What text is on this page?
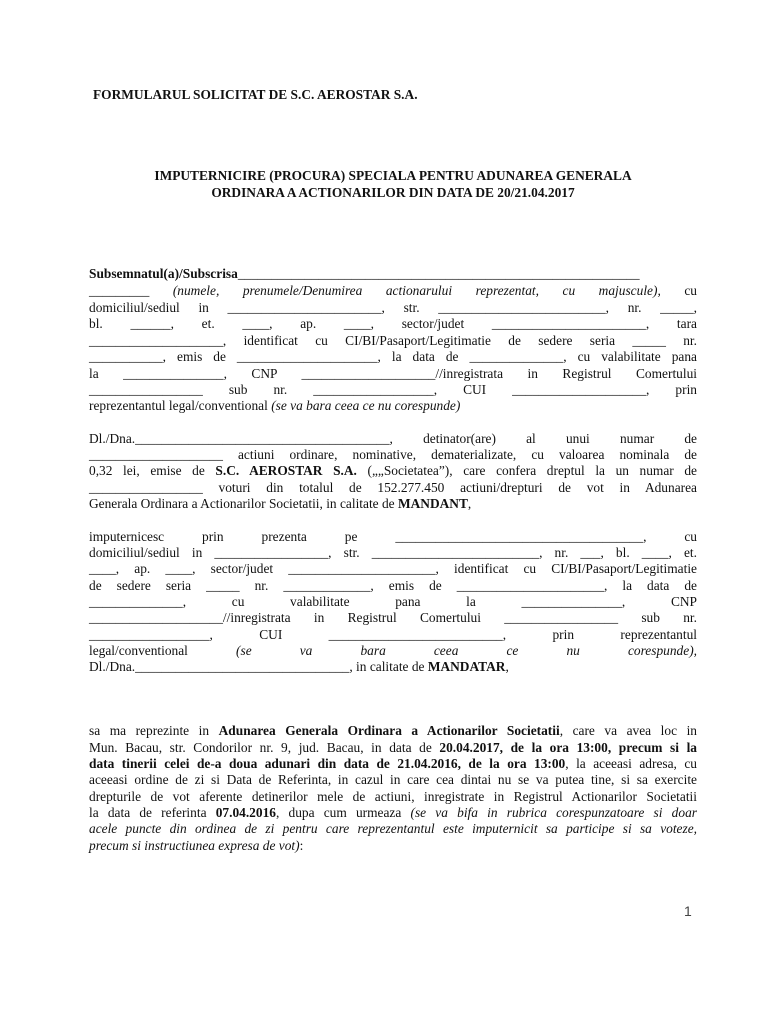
FORMULARUL SOLICITAT DE S.C. AEROSTAR S.A.
IMPUTERNICIRE (PROCURA) SPECIALA PENTRU ADUNAREA GENERALA
ORDINARA A ACTIONARILOR DIN DATA DE 20/21.04.2017
Subsemnatul(a)/Subscrisa____________________________________________________________
_________ (numele, prenumele/Denumirea actionarului reprezentat, cu majuscule), cu
domiciliul/sediul in _______________________, str. _________________________, nr. _____,
bl. ______, et. ____, ap. ____, sector/judet _______________________, tara
____________________, identificat cu CI/BI/Pasaport/Legitimatie de sedere seria _____ nr.
___________, emis de _____________________, la data de ______________, cu valabilitate pana
la _______________, CNP ____________________//inregistrata in Registrul Comertului
_________________ sub nr. __________________, CUI ____________________, prin
reprezentantul legal/conventional (se va bara ceea ce nu corespunde)
Dl./Dna.______________________________________, detinator(are) al unui numar de
____________________ actiuni ordinare, nominative, dematerializate, cu valoarea nominala de
0,32 lei, emise de S.C. AEROSTAR S.A. („„Societatea”), care confera dreptul la un numar de
_________________ voturi din totalul de 152.277.450 actiuni/drepturi de vot in Adunarea
Generala Ordinara a Actionarilor Societatii, in calitate de MANDANT,
imputernicesc prin prezenta pe _____________________________________, cu
domiciliul/sediul in _________________, str. _________________________, nr. ___, bl. ____, et.
____, ap. ____, sector/judet ______________________, identificat cu CI/BI/Pasaport/Legitimatie
de sedere seria _____ nr. _____________, emis de ______________________, la data de
______________, cu valabilitate pana la _______________, CNP
____________________//inregistrata in Registrul Comertului _________________ sub nr.
__________________, CUI __________________________, prin reprezentantul
legal/conventional	(se va bara ceea ce nu corespunde),
Dl./Dna.________________________________, in calitate de MANDATAR,
sa ma reprezinte in Adunarea Generala Ordinara a Actionarilor Societatii, care va avea loc in
Mun. Bacau, str. Condorilor nr. 9, jud. Bacau, in data de 20.04.2017, de la ora 13:00, precum si la
data tinerii celei de-a doua adunari din data de 21.04.2016, de la ora 13:00, la aceeasi adresa, cu
aceeasi ordine de zi si Data de Referinta, in cazul in care cea dintai nu se va putea tine, si sa exercite
drepturile de vot aferente detinerilor mele de actiuni, inregistrate in Registrul Actionarilor Societatii
la data de referinta 07.04.2016, dupa cum urmeaza (se va bifa in rubrica corespunzatoare si doar
acele puncte din ordinea de zi pentru care reprezentantul este imputernicit sa participe si sa voteze,
precum si instructiunea expresa de vot):
1
